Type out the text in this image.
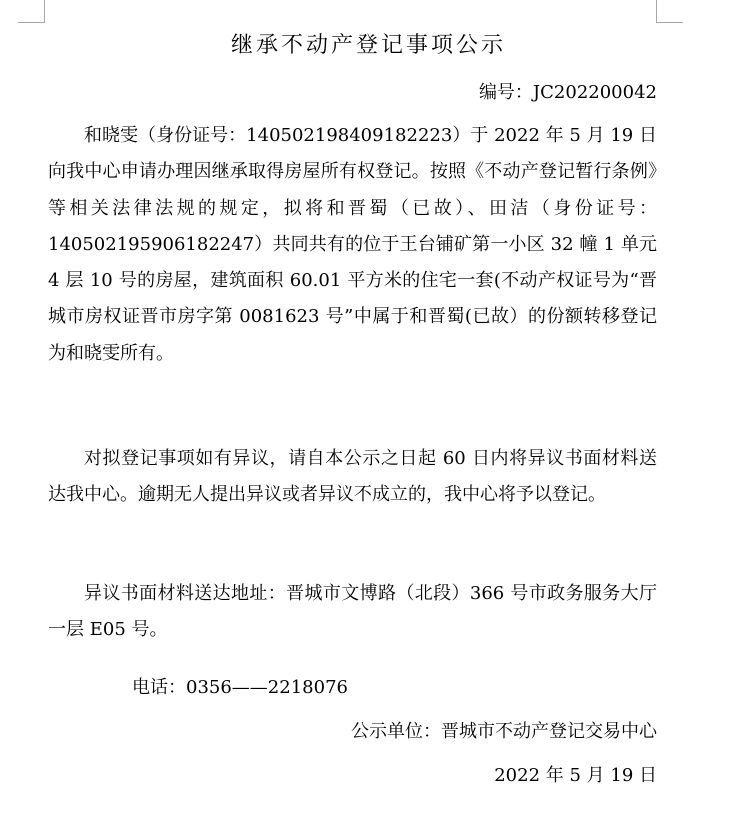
继承不动产登记事项公示
编号：JC202200042
和晓雯（身份证号：140502198409182223）于 2022 年 5 月 19 日向我中心申请办理因继承取得房屋所有权登记。按照《不动产登记暂行条例》等相关法律法规的规定，拟将和晋蜀（已故）、田洁（身份证号：140502195906182247）共同共有的位于王台铺矿第一小区 32 幢 1 单元 4 层 10 号的房屋，建筑面积 60.01 平方米的住宅一套(不动产权证号为“晋城市房权证晋市房字第 0081623 号”中属于和晋蜀(已故）的份额转移登记为和晓雯所有。
对拟登记事项如有异议，请自本公示之日起 60 日内将异议书面材料送达我中心。逾期无人提出异议或者异议不成立的，我中心将予以登记。
异议书面材料送达地址：晋城市文博路（北段）366 号市政务服务大厅一层 E05 号。
电话：0356——2218076
公示单位：晋城市不动产登记交易中心
2022 年 5 月 19 日
